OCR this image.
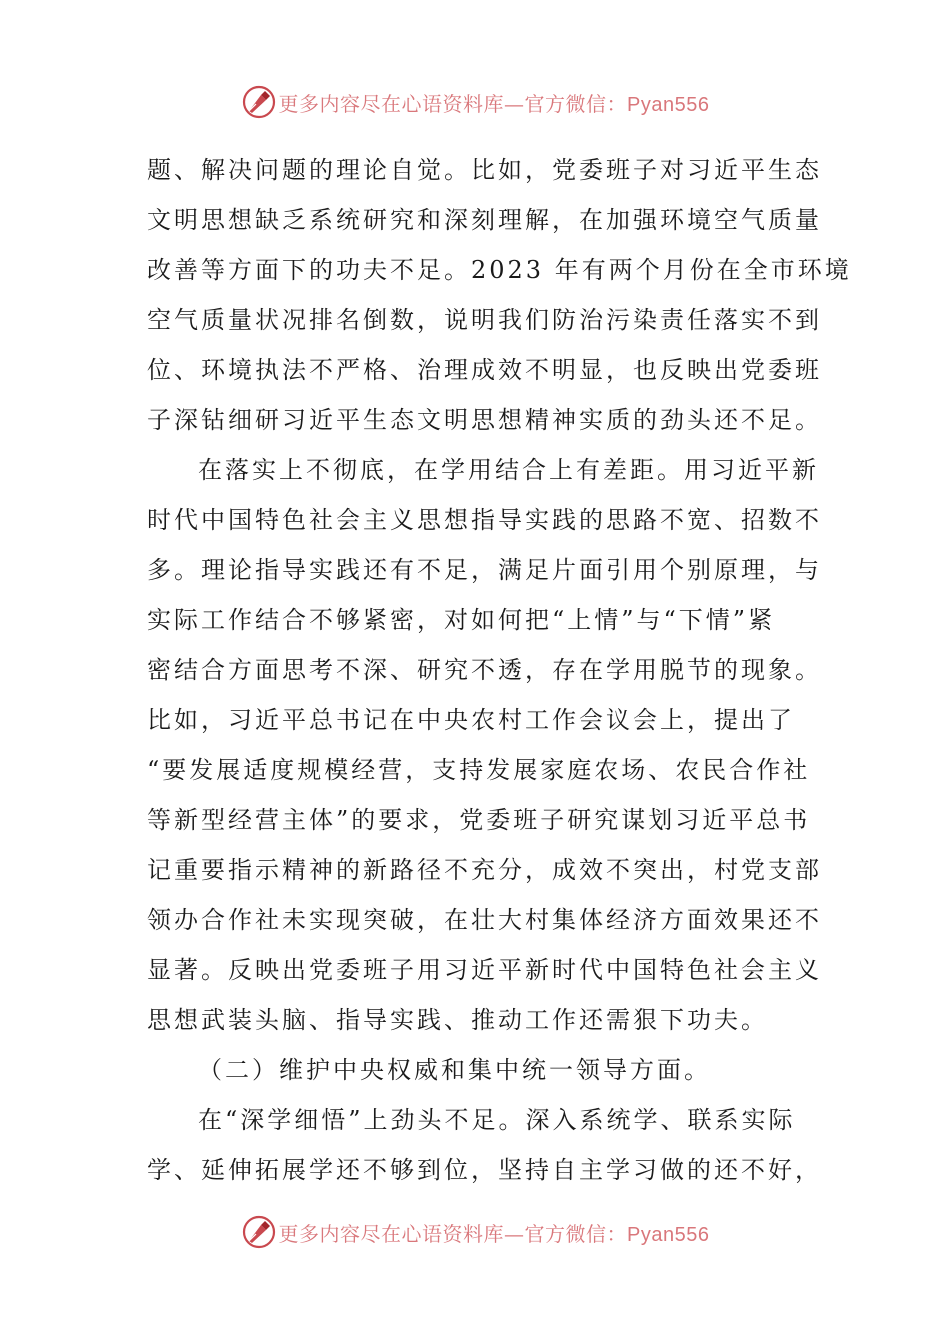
更多内容尽在心语资料库—官方微信：Pyan556
题、解决问题的理论自觉。比如，党委班子对习近平生态
文明思想缺乏系统研究和深刻理解，在加强环境空气质量
改善等方面下的功夫不足。2023 年有两个月份在全市环境
空气质量状况排名倒数，说明我们防治污染责任落实不到
位、环境执法不严格、治理成效不明显，也反映出党委班
子深钻细研习近平生态文明思想精神实质的劲头还不足。
在落实上不彻底，在学用结合上有差距。用习近平新
时代中国特色社会主义思想指导实践的思路不宽、招数不
多。理论指导实践还有不足，满足片面引用个别原理，与
实际工作结合不够紧密，对如何把“上情”与“下情”紧
密结合方面思考不深、研究不透，存在学用脱节的现象。
比如，习近平总书记在中央农村工作会议会上，提出了
“要发展适度规模经营，支持发展家庭农场、农民合作社
等新型经营主体”的要求，党委班子研究谋划习近平总书
记重要指示精神的新路径不充分，成效不突出，村党支部
领办合作社未实现突破，在壮大村集体经济方面效果还不
显著。反映出党委班子用习近平新时代中国特色社会主义
思想武装头脑、指导实践、推动工作还需狠下功夫。
（二）维护中央权威和集中统一领导方面。
在“深学细悟”上劲头不足。深入系统学、联系实际
学、延伸拓展学还不够到位，坚持自主学习做的还不好，
更多内容尽在心语资料库—官方微信：Pyan556
